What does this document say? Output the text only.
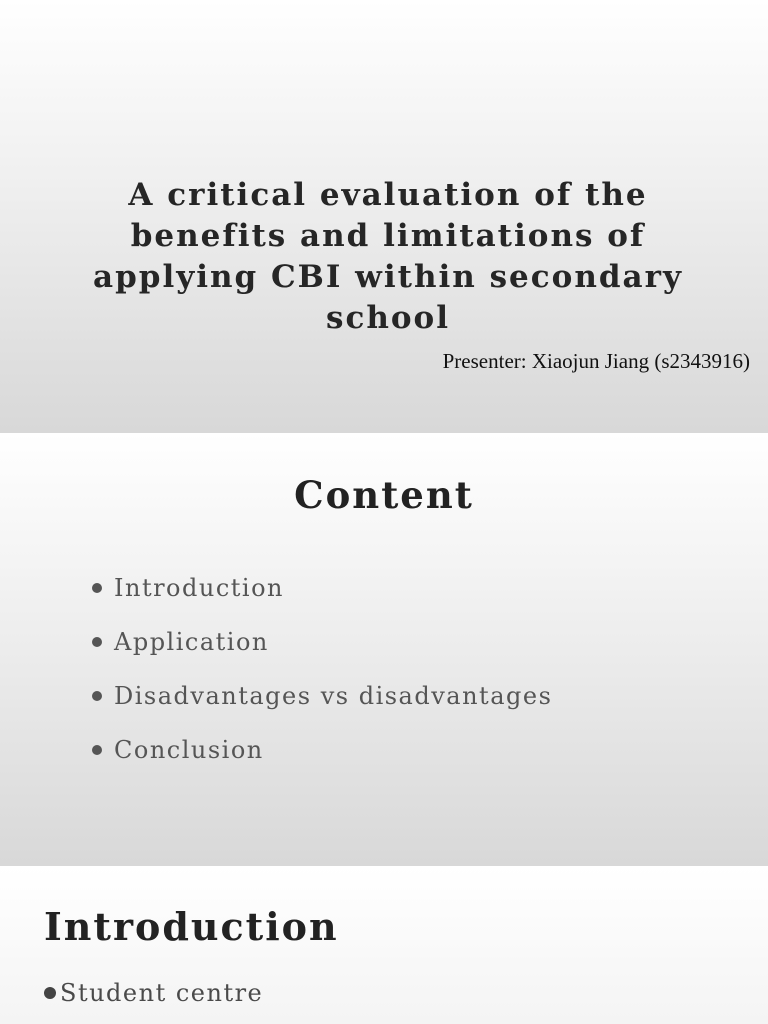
A critical evaluation of the benefits and limitations of applying CBI within secondary school

Presenter: Xiaojun Jiang (s2343916)

Content
Introduction
Application
Disadvantages vs disadvantages
Conclusion
Introduction
Student centre
